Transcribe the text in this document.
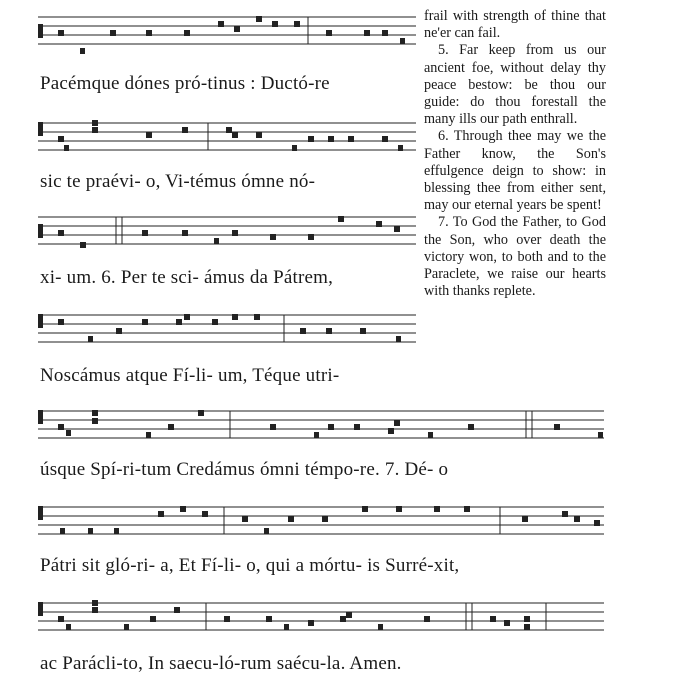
Pacémque dónes pró-tinus : Ductó-re
sic te praévi- o, Vi-témus ómne nó-
xi- um. 6. Per te sci- ámus da Pátrem,
Noscámus atque Fí-li- um, Téque utri-
úsque Spí-ri-tum Credámus ómni témpo-re. 7. Dé- o
Pátri sit gló-ri- a, Et Fí-li- o, qui a mórtu- is Surré-xit,
ac Parácli-to, In saecu-ló-rum saécu-la. Amen.

frail with strength of thine that ne'er can fail.

5. Far keep from us our ancient foe, without delay thy peace bestow: be thou our guide: do thou forestall the many ills our path enthrall.

6. Through thee may we the Father know, the Son's effulgence deign to show: in blessing thee from either sent, may our eternal years be spent!

7. To God the Father, to God the Son, who over death the victory won, to both and to the Paraclete, we raise our hearts with thanks replete.
